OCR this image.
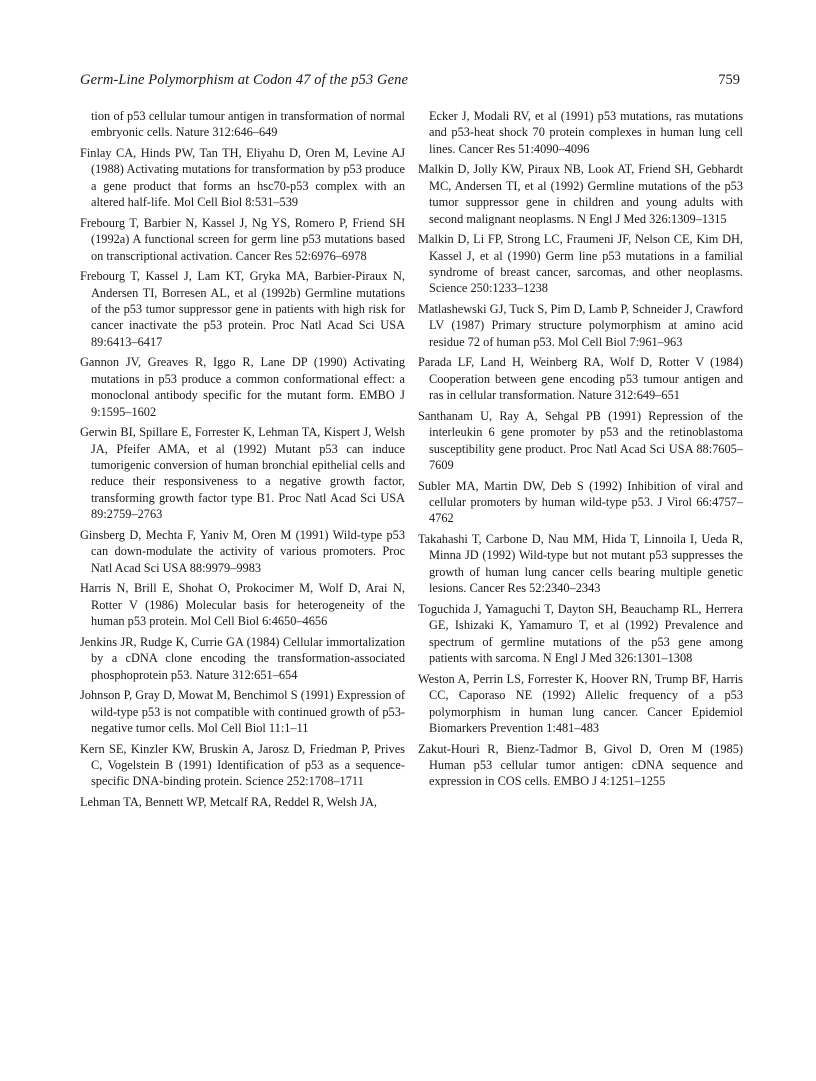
Germ-Line Polymorphism at Codon 47 of the p53 Gene	759

tion of p53 cellular tumour antigen in transformation of normal embryonic cells. Nature 312:646–649

Finlay CA, Hinds PW, Tan TH, Eliyahu D, Oren M, Levine AJ (1988) Activating mutations for transformation by p53 produce a gene product that forms an hsc70-p53 complex with an altered half-life. Mol Cell Biol 8:531–539

Frebourg T, Barbier N, Kassel J, Ng YS, Romero P, Friend SH (1992a) A functional screen for germ line p53 mutations based on transcriptional activation. Cancer Res 52:6976–6978

Frebourg T, Kassel J, Lam KT, Gryka MA, Barbier-Piraux N, Andersen TI, Borresen AL, et al (1992b) Germline mutations of the p53 tumor suppressor gene in patients with high risk for cancer inactivate the p53 protein. Proc Natl Acad Sci USA 89:6413–6417

Gannon JV, Greaves R, Iggo R, Lane DP (1990) Activating mutations in p53 produce a common conformational effect: a monoclonal antibody specific for the mutant form. EMBO J 9:1595–1602

Gerwin BI, Spillare E, Forrester K, Lehman TA, Kispert J, Welsh JA, Pfeifer AMA, et al (1992) Mutant p53 can induce tumorigenic conversion of human bronchial epithelial cells and reduce their responsiveness to a negative growth factor, transforming growth factor type B1. Proc Natl Acad Sci USA 89:2759–2763

Ginsberg D, Mechta F, Yaniv M, Oren M (1991) Wild-type p53 can down-modulate the activity of various promoters. Proc Natl Acad Sci USA 88:9979–9983

Harris N, Brill E, Shohat O, Prokocimer M, Wolf D, Arai N, Rotter V (1986) Molecular basis for heterogeneity of the human p53 protein. Mol Cell Biol 6:4650–4656

Jenkins JR, Rudge K, Currie GA (1984) Cellular immortalization by a cDNA clone encoding the transformation-associated phosphoprotein p53. Nature 312:651–654

Johnson P, Gray D, Mowat M, Benchimol S (1991) Expression of wild-type p53 is not compatible with continued growth of p53-negative tumor cells. Mol Cell Biol 11:1–11

Kern SE, Kinzler KW, Bruskin A, Jarosz D, Friedman P, Prives C, Vogelstein B (1991) Identification of p53 as a sequence-specific DNA-binding protein. Science 252:1708–1711

Lehman TA, Bennett WP, Metcalf RA, Reddel R, Welsh JA,

Ecker J, Modali RV, et al (1991) p53 mutations, ras mutations and p53-heat shock 70 protein complexes in human lung cell lines. Cancer Res 51:4090–4096

Malkin D, Jolly KW, Piraux NB, Look AT, Friend SH, Gebhardt MC, Andersen TI, et al (1992) Germline mutations of the p53 tumor suppressor gene in children and young adults with second malignant neoplasms. N Engl J Med 326:1309–1315

Malkin D, Li FP, Strong LC, Fraumeni JF, Nelson CE, Kim DH, Kassel J, et al (1990) Germ line p53 mutations in a familial syndrome of breast cancer, sarcomas, and other neoplasms. Science 250:1233–1238

Matlashewski GJ, Tuck S, Pim D, Lamb P, Schneider J, Crawford LV (1987) Primary structure polymorphism at amino acid residue 72 of human p53. Mol Cell Biol 7:961–963

Parada LF, Land H, Weinberg RA, Wolf D, Rotter V (1984) Cooperation between gene encoding p53 tumour antigen and ras in cellular transformation. Nature 312:649–651

Santhanam U, Ray A, Sehgal PB (1991) Repression of the interleukin 6 gene promoter by p53 and the retinoblastoma susceptibility gene product. Proc Natl Acad Sci USA 88:7605–7609

Subler MA, Martin DW, Deb S (1992) Inhibition of viral and cellular promoters by human wild-type p53. J Virol 66:4757–4762

Takahashi T, Carbone D, Nau MM, Hida T, Linnoila I, Ueda R, Minna JD (1992) Wild-type but not mutant p53 suppresses the growth of human lung cancer cells bearing multiple genetic lesions. Cancer Res 52:2340–2343

Toguchida J, Yamaguchi T, Dayton SH, Beauchamp RL, Herrera GE, Ishizaki K, Yamamuro T, et al (1992) Prevalence and spectrum of germline mutations of the p53 gene among patients with sarcoma. N Engl J Med 326:1301–1308

Weston A, Perrin LS, Forrester K, Hoover RN, Trump BF, Harris CC, Caporaso NE (1992) Allelic frequency of a p53 polymorphism in human lung cancer. Cancer Epidemiol Biomarkers Prevention 1:481–483

Zakut-Houri R, Bienz-Tadmor B, Givol D, Oren M (1985) Human p53 cellular tumor antigen: cDNA sequence and expression in COS cells. EMBO J 4:1251–1255
